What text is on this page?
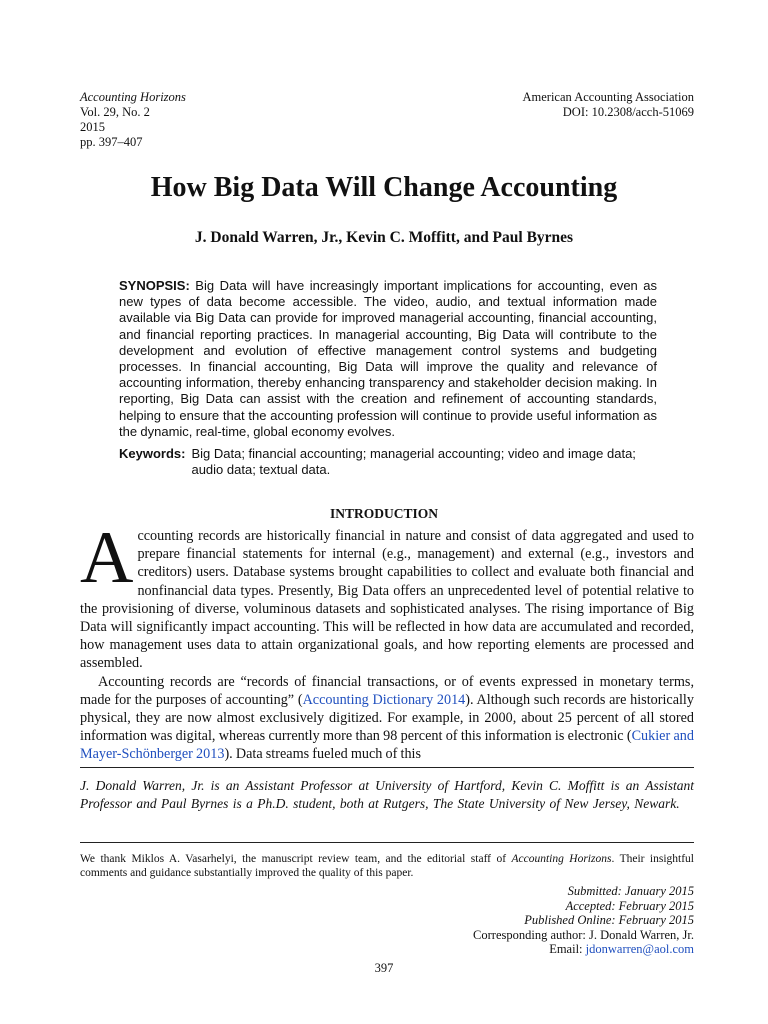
Accounting Horizons
Vol. 29, No. 2
2015
pp. 397–407
American Accounting Association
DOI: 10.2308/acch-51069
How Big Data Will Change Accounting
J. Donald Warren, Jr., Kevin C. Moffitt, and Paul Byrnes

SYNOPSIS: Big Data will have increasingly important implications for accounting, even as new types of data become accessible. The video, audio, and textual information made available via Big Data can provide for improved managerial accounting, financial accounting, and financial reporting practices. In managerial accounting, Big Data will contribute to the development and evolution of effective management control systems and budgeting processes. In financial accounting, Big Data will improve the quality and relevance of accounting information, thereby enhancing transparency and stakeholder decision making. In reporting, Big Data can assist with the creation and refinement of accounting standards, helping to ensure that the accounting profession will continue to provide useful information as the dynamic, real-time, global economy evolves.

Keywords: Big Data; financial accounting; managerial accounting; video and image data; audio data; textual data.
INTRODUCTION

Accounting records are historically financial in nature and consist of data aggregated and used to prepare financial statements for internal (e.g., management) and external (e.g., investors and creditors) users. Database systems brought capabilities to collect and evaluate both financial and nonfinancial data types. Presently, Big Data offers an unprecedented level of potential relative to the provisioning of diverse, voluminous datasets and sophisticated analyses. The rising importance of Big Data will significantly impact accounting. This will be reflected in how data are accumulated and recorded, how management uses data to attain organizational goals, and how reporting elements are processed and assembled.

Accounting records are “records of financial transactions, or of events expressed in monetary terms, made for the purposes of accounting” (Accounting Dictionary 2014). Although such records are historically physical, they are now almost exclusively digitized. For example, in 2000, about 25 percent of all stored information was digital, whereas currently more than 98 percent of this information is electronic (Cukier and Mayer-Schönberger 2013). Data streams fueled much of this

J. Donald Warren, Jr. is an Assistant Professor at University of Hartford, Kevin C. Moffitt is an Assistant Professor and Paul Byrnes is a Ph.D. student, both at Rutgers, The State University of New Jersey, Newark.
We thank Miklos A. Vasarhelyi, the manuscript review team, and the editorial staff of Accounting Horizons. Their insightful comments and guidance substantially improved the quality of this paper.
Submitted: January 2015
Accepted: February 2015
Published Online: February 2015
Corresponding author: J. Donald Warren, Jr.
Email: jdonwarren@aol.com
397
